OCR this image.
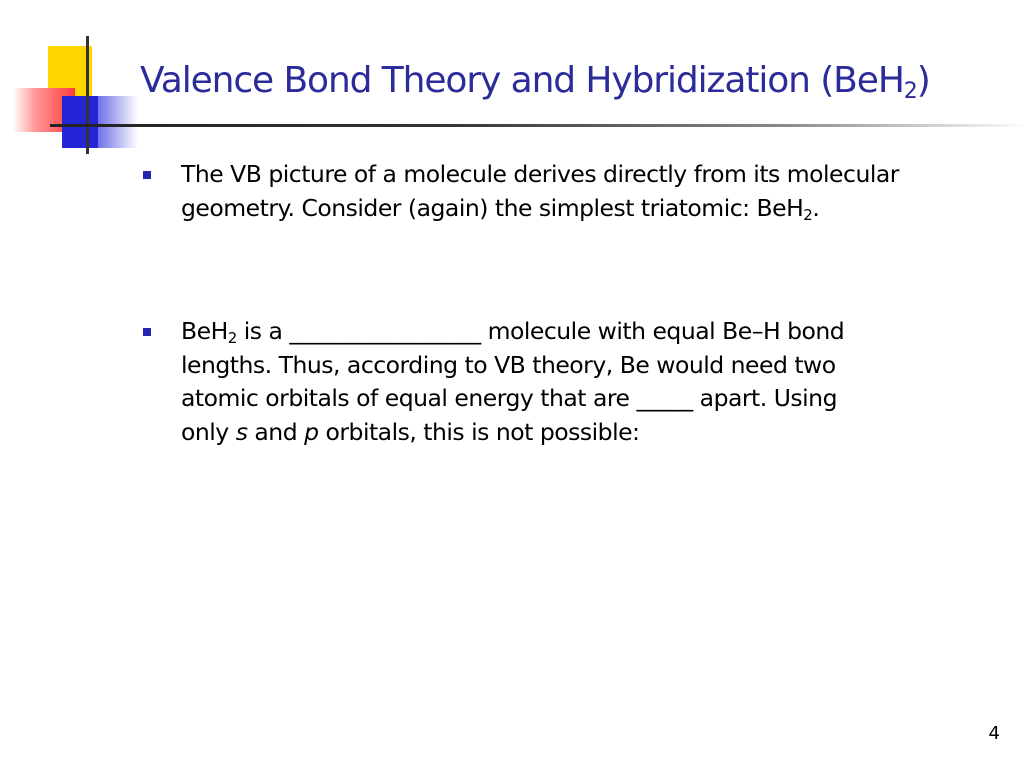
Valence Bond Theory and Hybridization (BeH$_2$)
The VB picture of a molecule derives directly from its molecular
geometry. Consider (again) the simplest triatomic: BeH$_2$.
BeH$_2$ is a _________________ molecule with equal Be–H bond
lengths. Thus, according to VB theory, Be would need two
atomic orbitals of equal energy that are _____ apart. Using
only s and p orbitals, this is not possible:
4
